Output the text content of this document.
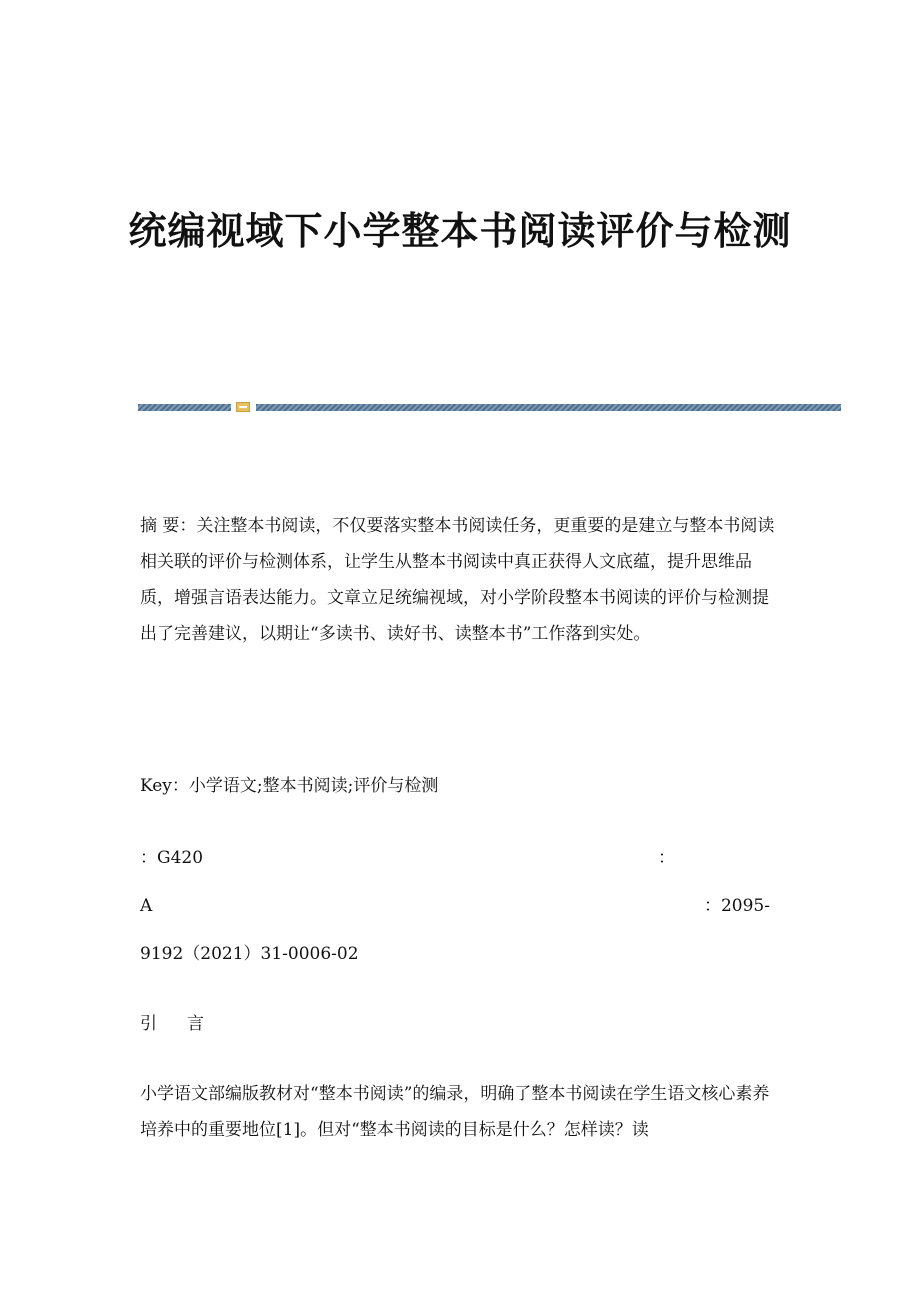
统编视域下小学整本书阅读评价与检测

摘 要：关注整本书阅读，不仅要落实整本书阅读任务，更重要的是建立与整本书阅读相关联的评价与检测体系，让学生从整本书阅读中真正获得人文底蕴，提升思维品质，增强言语表达能力。文章立足统编视域，对小学阶段整本书阅读的评价与检测提出了完善建议，以期让“多读书、读好书、读整本书”工作落到实处。

Key：小学语文;整本书阅读;评价与检测

：G420	：
A	：2095-
9192（2021）31-0006-02
引言

小学语文部编版教材对“整本书阅读”的编录，明确了整本书阅读在学生语文核心素养培养中的重要地位[1]。但对“整本书阅读的目标是什么？怎样读？读
